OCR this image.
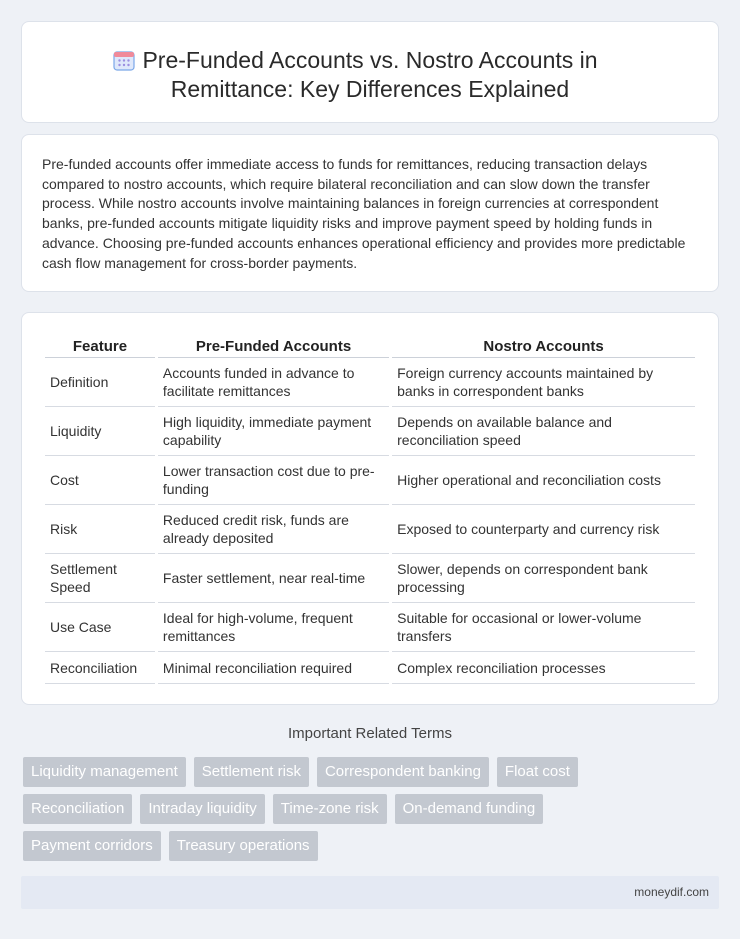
Pre-Funded Accounts vs. Nostro Accounts in
Remittance: Key Differences Explained

Pre-funded accounts offer immediate access to funds for remittances, reducing transaction delays compared to nostro accounts, which require bilateral reconciliation and can slow down the transfer process. While nostro accounts involve maintaining balances in foreign currencies at correspondent banks, pre-funded accounts mitigate liquidity risks and improve payment speed by holding funds in advance. Choosing pre-funded accounts enhances operational efficiency and provides more predictable cash flow management for cross-border payments.

Feature	Pre-Funded Accounts	Nostro Accounts
Definition	Accounts funded in advance to facilitate remittances	Foreign currency accounts maintained by banks in correspondent banks
Liquidity	High liquidity, immediate payment capability	Depends on available balance and reconciliation speed
Cost	Lower transaction cost due to pre-funding	Higher operational and reconciliation costs
Risk	Reduced credit risk, funds are already deposited	Exposed to counterparty and currency risk
Settlement Speed	Faster settlement, near real-time	Slower, depends on correspondent bank processing
Use Case	Ideal for high-volume, frequent remittances	Suitable for occasional or lower-volume transfers
Reconciliation	Minimal reconciliation required	Complex reconciliation processes
Important Related Terms
Liquidity management	Settlement risk	Correspondent banking	Float cost
Reconciliation	Intraday liquidity	Time-zone risk	On-demand funding
Payment corridors	Treasury operations
moneydif.com
